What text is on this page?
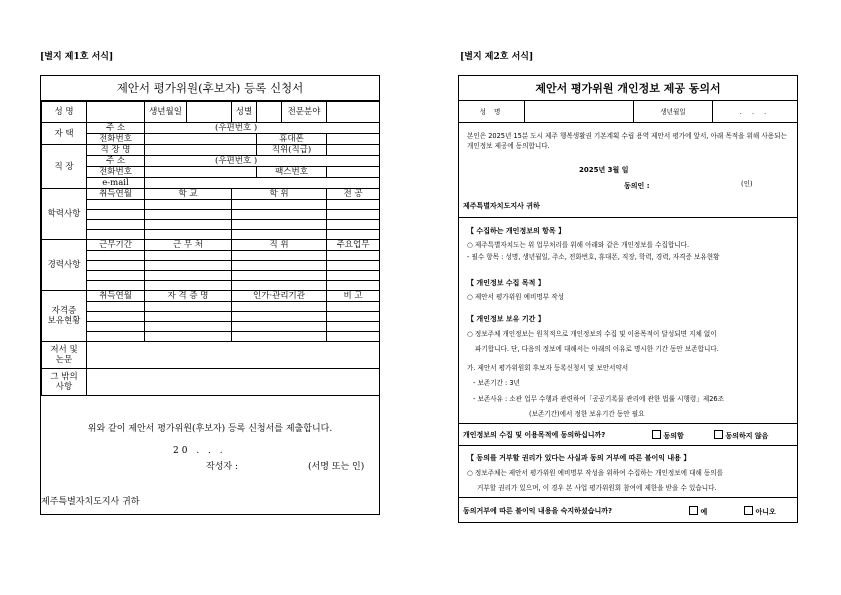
[별지 제1호 서식]
제안서 평가위원(후보자) 등록 신청서
성 명		생년월일		성별		전문분야	
자 택	주 소	(우편번호 )					
	전화번호				휴대폰		
직 장	직 장 명				직위(직급)		
	주 소	(우편번호 )					
	전화번호				팩스번호		
	e-mail						
학력사항	취득연월	학 교		학 위			전 공

경력사항	근무기간	근 무 처		직 위			주요업무

자격증
보유현황	취득연월	자 격 증 명		인가·관리기관			비 고

저서 및
논문							
그 밖의
사항							
위와 같이 제안서 평가위원(후보자) 등록 신청서를 제출합니다.
20 . . .
작성자 :	(서명 또는 인)
제주특별자치도지사 귀하
[별지 제2호 서식]
제안서 평가위원 개인정보 제공 동의서
성 명	생년월일	. . .
본인은 2025년 15분 도시 제주 행복생활권 기본계획 수립 용역 제안서 평가에 앞서, 아래 목적을 위해 사용되는 개인정보 제공에 동의합니다.
2025년 3월 일
동의인 :	(인)
제주특별자치도지사 귀하
【 수집하는 개인정보의 항목 】
○ 제주특별자치도는 위 업무처리를 위해 아래와 같은 개인정보를 수집합니다.
- 필수 항목 : 성명, 생년월일, 주소, 전화번호, 휴대폰, 직장, 학력, 경력, 자격증 보유현황
【 개인정보 수집 목적 】
○ 제안서 평가위원 예비명부 작성
【 개인정보 보유 기간 】
○ 정보주체 개인정보는 원칙적으로 개인정보의 수집 및 이용목적이 달성되면 지체 없이
파기합니다. 단, 다음의 정보에 대해서는 아래의 이유로 명시한 기간 동안 보존합니다.
가. 제안서 평가위원회 후보자 등록신청서 및 보안서약서
- 보존기간 : 3년
- 보존사유 : 소관 업무 수행과 관련하여「공공기록물 관리에 관한 법률 시행령」제26조
(보존기간)에서 정한 보유기간 동안 필요
개인정보의 수집 및 이용목적에 동의하십니까?	동의함	동의하지 않음
【 동의를 거부할 권리가 있다는 사실과 동의 거부에 따른 불이익 내용 】
○ 정보주체는 제안서 평가위원 예비명부 작성을 위하여 수집하는 개인정보에 대해 동의를
거부할 권리가 있으며, 이 경우 본 사업 평가위원회 참여에 제한을 받을 수 있습니다.
동의거부에 따른 불이익 내용을 숙지하셨습니까?	예	아니오
